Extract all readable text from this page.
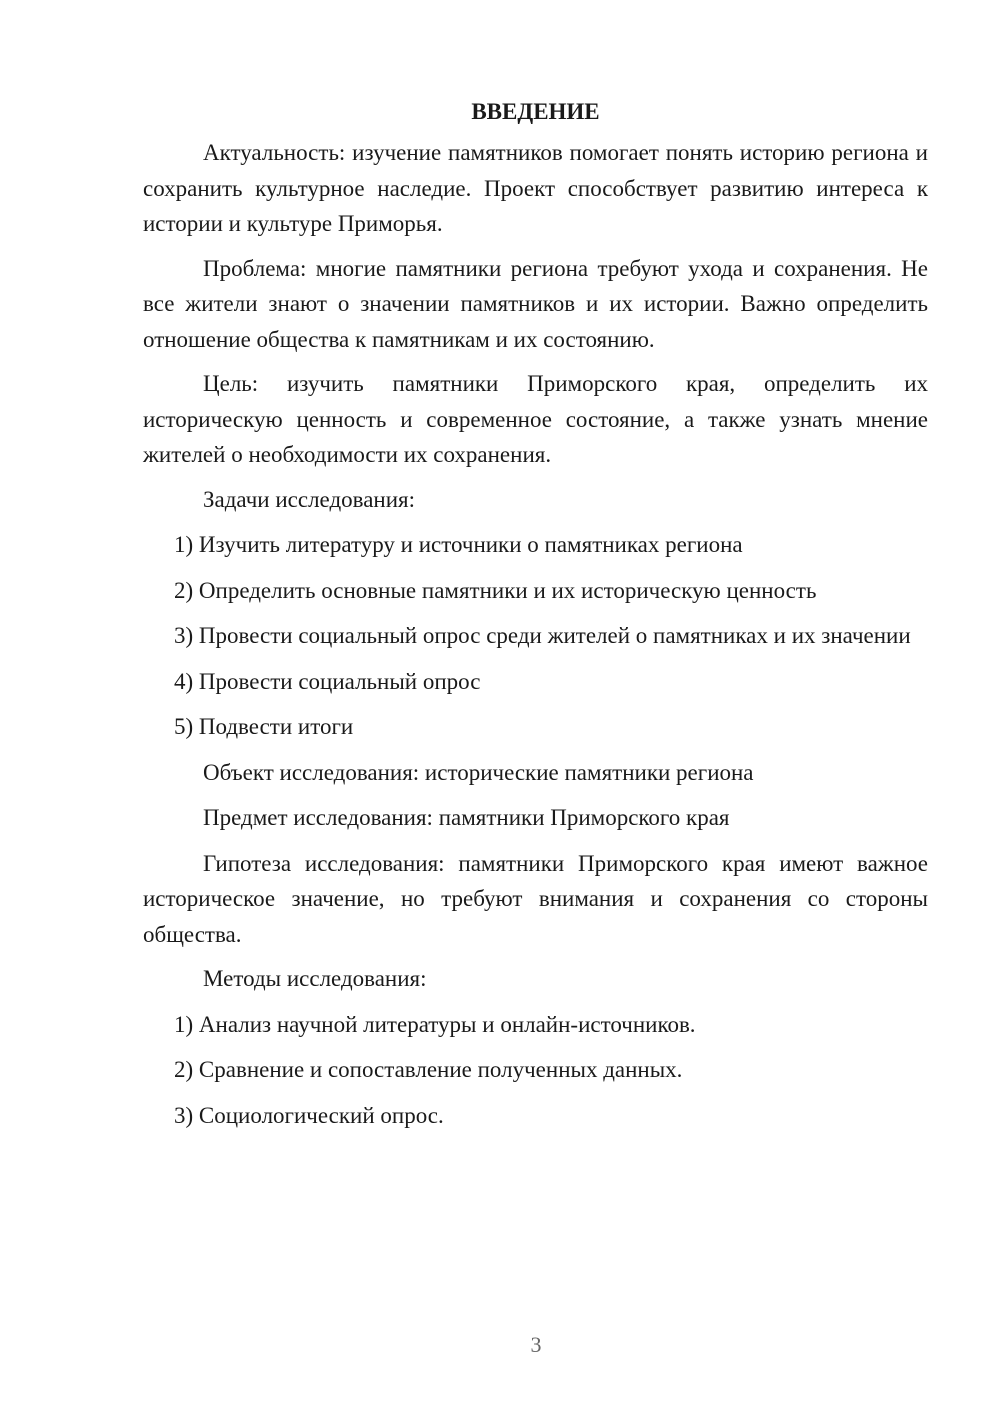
ВВЕДЕНИЕ

Актуальность: изучение памятников помогает понять историю региона и сохранить культурное наследие. Проект способствует развитию интереса к истории и культуре Приморья.

Проблема: многие памятники региона требуют ухода и сохранения. Не все жители знают о значении памятников и их истории. Важно определить отношение общества к памятникам и их состоянию.

Цель: изучить памятники Приморского края, определить их историческую ценность и современное состояние, а также узнать мнение жителей о необходимости их сохранения.

Задачи исследования:

1) Изучить литературу и источники о памятниках региона

2) Определить основные памятники и их историческую ценность

3) Провести социальный опрос среди жителей о памятниках и их значении

4) Провести социальный опрос

5) Подвести итоги

Объект исследования: исторические памятники региона

Предмет исследования: памятники Приморского края

Гипотеза исследования: памятники Приморского края имеют важное историческое значение, но требуют внимания и сохранения со стороны общества.

Методы исследования:

1) Анализ научной литературы и онлайн-источников.

2) Сравнение и сопоставление полученных данных.

3) Социологический опрос.

3
